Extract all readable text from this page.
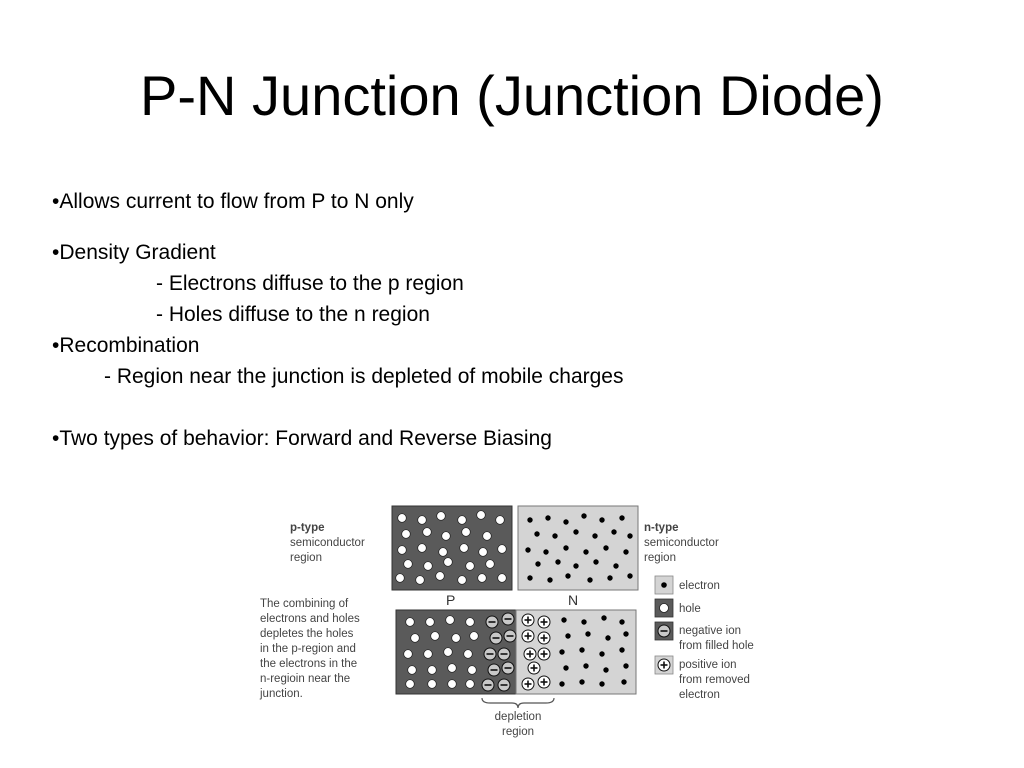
P-N Junction (Junction Diode)
•Allows current to flow from P to N only
•Density Gradient
- Electrons diffuse to the p region
- Holes diffuse to the n region
•Recombination
- Region near the junction is depleted of mobile charges
•Two types of behavior: Forward and Reverse Biasing
p-type
semiconductor
region
n-type
semiconductor
region
P	N
The combining of
electrons and holes
depletes the holes
in the p-region and
the electrons in the
n-regioin near the
junction.
depletion
region
electron
hole
negative ion
from filled hole
positive ion
from removed
electron
